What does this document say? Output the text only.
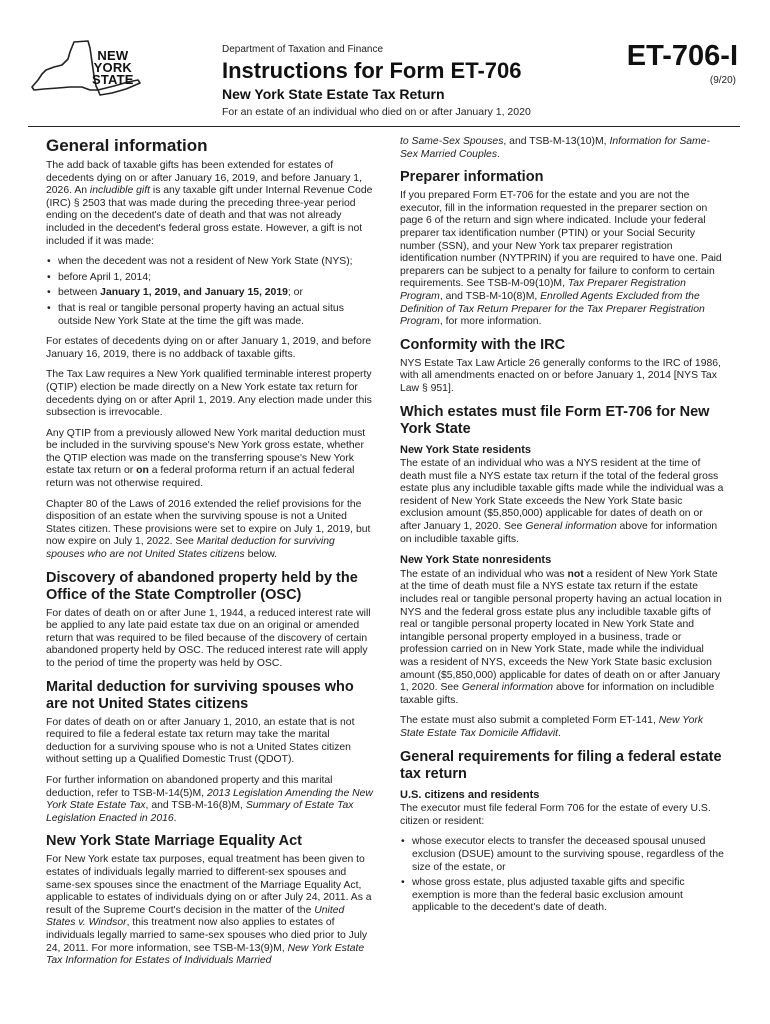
NEW
YORK
STATE
Department of Taxation and Finance
Instructions for Form ET-706
New York State Estate Tax Return
For an estate of an individual who died on or after January 1, 2020
ET-706-I
(9/20)
General information

The add back of taxable gifts has been extended for estates of decedents dying on or after January 16, 2019, and before January 1, 2026. An includible gift is any taxable gift under Internal Revenue Code (IRC) § 2503 that was made during the preceding three-year period ending on the decedent's date of death and that was not already included in the decedent's federal gross estate. However, a gift is not included if it was made:

• when the decedent was not a resident of New York State (NYS);
• before April 1, 2014;
• between January 1, 2019, and January 15, 2019; or
• that is real or tangible personal property having an actual situs outside New York State at the time the gift was made.

For estates of decedents dying on or after January 1, 2019, and before January 16, 2019, there is no addback of taxable gifts.

The Tax Law requires a New York qualified terminable interest property (QTIP) election be made directly on a New York estate tax return for decedents dying on or after April 1, 2019. Any election made under this subsection is irrevocable.

Any QTIP from a previously allowed New York marital deduction must be included in the surviving spouse's New York gross estate, whether the QTIP election was made on the transferring spouse's New York estate tax return or on a federal proforma return if an actual federal return was not otherwise required.

Chapter 80 of the Laws of 2016 extended the relief provisions for the disposition of an estate when the surviving spouse is not a United States citizen. These provisions were set to expire on July 1, 2019, but now expire on July 1, 2022. See Marital deduction for surviving spouses who are not United States citizens below.

Discovery of abandoned property held by the Office of the State Comptroller (OSC)

For dates of death on or after June 1, 1944, a reduced interest rate will be applied to any late paid estate tax due on an original or amended return that was required to be filed because of the discovery of certain abandoned property held by OSC. The reduced interest rate will apply to the period of time the property was held by OSC.

Marital deduction for surviving spouses who are not United States citizens

For dates of death on or after January 1, 2010, an estate that is not required to file a federal estate tax return may take the marital deduction for a surviving spouse who is not a United States citizen without setting up a Qualified Domestic Trust (QDOT).

For further information on abandoned property and this marital deduction, refer to TSB-M-14(5)M, 2013 Legislation Amending the New York State Estate Tax, and TSB-M-16(8)M, Summary of Estate Tax Legislation Enacted in 2016.

New York State Marriage Equality Act

For New York estate tax purposes, equal treatment has been given to estates of individuals legally married to different-sex spouses and same-sex spouses since the enactment of the Marriage Equality Act, applicable to estates of individuals dying on or after July 24, 2011. As a result of the Supreme Court's decision in the matter of the United States v. Windsor, this treatment now also applies to estates of individuals legally married to same-sex spouses who died prior to July 24, 2011. For more information, see TSB-M-13(9)M, New York Estate Tax Information for Estates of Individuals Married

to Same-Sex Spouses, and TSB-M-13(10)M, Information for Same-Sex Married Couples.

Preparer information

If you prepared Form ET-706 for the estate and you are not the executor, fill in the information requested in the preparer section on page 6 of the return and sign where indicated. Include your federal preparer tax identification number (PTIN) or your Social Security number (SSN), and your New York tax preparer registration identification number (NYTPRIN) if you are required to have one. Paid preparers can be subject to a penalty for failure to conform to certain requirements. See TSB-M-09(10)M, Tax Preparer Registration Program, and TSB-M-10(8)M, Enrolled Agents Excluded from the Definition of Tax Return Preparer for the Tax Preparer Registration Program, for more information.

Conformity with the IRC

NYS Estate Tax Law Article 26 generally conforms to the IRC of 1986, with all amendments enacted on or before January 1, 2014 [NYS Tax Law § 951].

Which estates must file Form ET-706 for New York State
New York State residents

The estate of an individual who was a NYS resident at the time of death must file a NYS estate tax return if the total of the federal gross estate plus any includible taxable gifts made while the individual was a resident of New York State exceeds the New York State basic exclusion amount ($5,850,000) applicable for dates of death on or after January 1, 2020. See General information above for information on includible taxable gifts.

New York State nonresidents

The estate of an individual who was not a resident of New York State at the time of death must file a NYS estate tax return if the estate includes real or tangible personal property having an actual location in NYS and the federal gross estate plus any includible taxable gifts of real or tangible personal property located in New York State and intangible personal property employed in a business, trade or profession carried on in New York State, made while the individual was a resident of NYS, exceeds the New York State basic exclusion amount ($5,850,000) applicable for dates of death on or after January 1, 2020. See General information above for information on includible taxable gifts.

The estate must also submit a completed Form ET-141, New York State Estate Tax Domicile Affidavit.

General requirements for filing a federal estate tax return
U.S. citizens and residents

The executor must file federal Form 706 for the estate of every U.S. citizen or resident:

• whose executor elects to transfer the deceased spousal unused exclusion (DSUE) amount to the surviving spouse, regardless of the size of the estate, or
• whose gross estate, plus adjusted taxable gifts and specific exemption is more than the federal basic exclusion amount applicable to the decedent's date of death.
